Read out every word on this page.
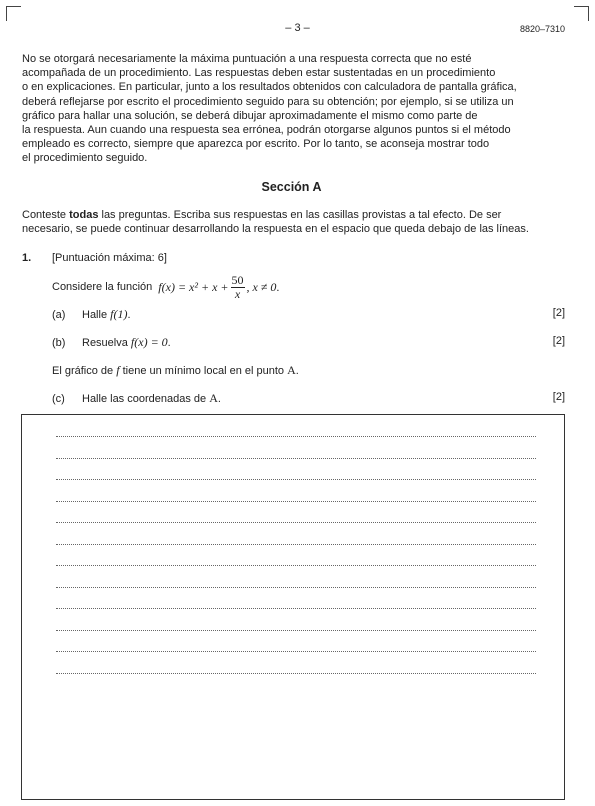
– 3 –	8820–7310
No se otorgará necesariamente la máxima puntuación a una respuesta correcta que no esté
acompañada de un procedimiento. Las respuestas deben estar sustentadas en un procedimiento
o en explicaciones. En particular, junto a los resultados obtenidos con calculadora de pantalla gráfica,
deberá reflejarse por escrito el procedimiento seguido para su obtención; por ejemplo, si se utiliza un
gráfico para hallar una solución, se deberá dibujar aproximadamente el mismo como parte de
la respuesta. Aun cuando una respuesta sea errónea, podrán otorgarse algunos puntos si el método
empleado es correcto, siempre que aparezca por escrito. Por lo tanto, se aconseja mostrar todo
el procedimiento seguido.
Sección A
Conteste todas las preguntas. Escriba sus respuestas en las casillas provistas a tal efecto. De ser
necesario, se puede continuar desarrollando la respuesta en el espacio que queda debajo de las líneas.
1. [Puntuación máxima: 6]
Considere la función $f(x) = x^2 + x + \frac{50}{x}$ , x ≠ 0 .
(a) Halle f(1).	[2]
(b) Resuelva f(x) = 0.	[2]
El gráfico de f tiene un mínimo local en el punto A.
(c) Halle las coordenadas de A.	[2]
